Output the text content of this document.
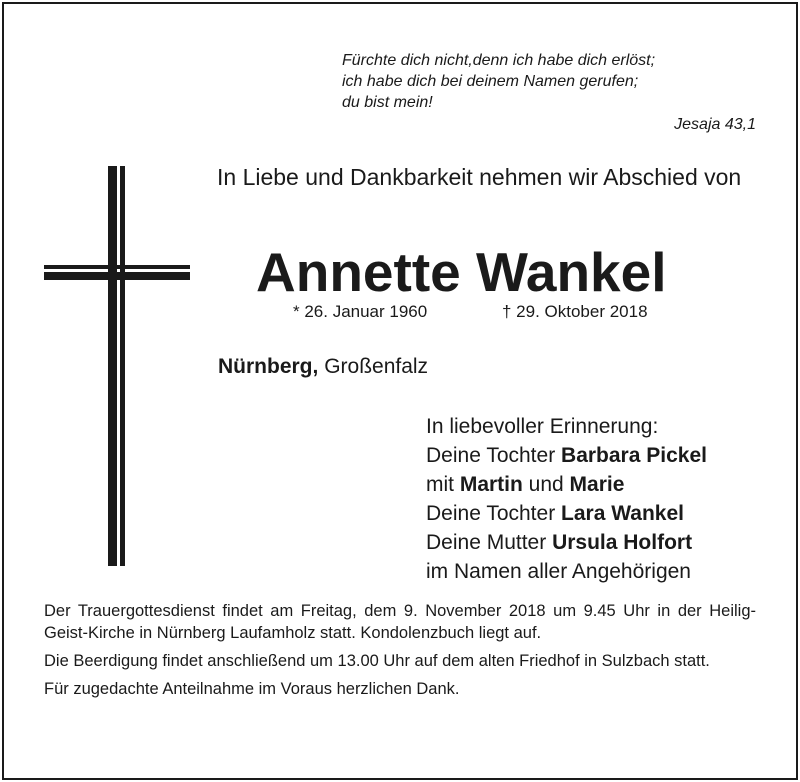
Fürchte dich nicht,denn ich habe dich erlöst;
ich habe dich bei deinem Namen gerufen;
du bist mein!
Jesaja 43,1
In Liebe und Dankbarkeit nehmen wir Abschied von
Annette Wankel
* 26. Januar 1960	† 29. Oktober 2018
Nürnberg, Großenfalz
In liebevoller Erinnerung:
Deine Tochter Barbara Pickel
mit Martin und Marie
Deine Tochter Lara Wankel
Deine Mutter Ursula Holfort
im Namen aller Angehörigen

Der Trauergottesdienst findet am Freitag, dem 9. November 2018 um 9.45 Uhr in der Heilig-Geist-Kirche in Nürnberg Laufamholz statt. Kondolenzbuch liegt auf.

Die Beerdigung findet anschließend um 13.00 Uhr auf dem alten Friedhof in Sulzbach statt.

Für zugedachte Anteilnahme im Voraus herzlichen Dank.
